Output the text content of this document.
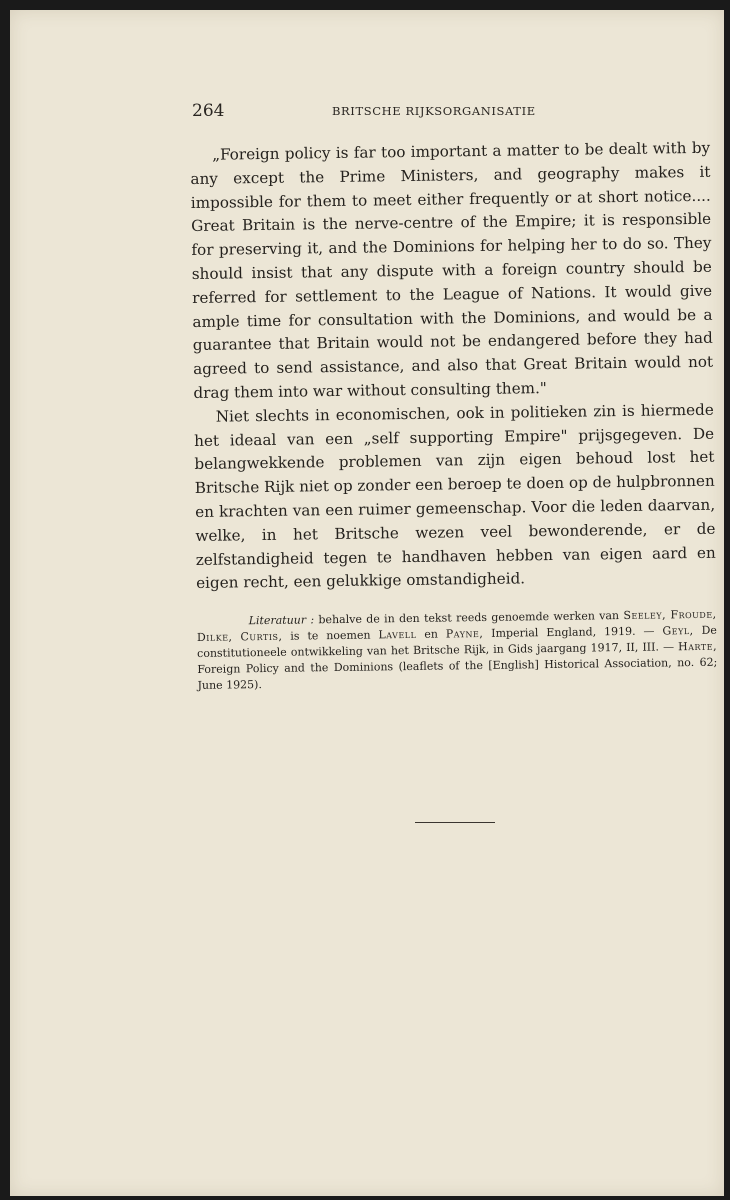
264	BRITSCHE RIJKSORGANISATIE

„Foreign policy is far too important a matter to be dealt with by any except the Prime Ministers, and geography makes it impossible for them to meet either frequently or at short notice.... Great Britain is the nerve-centre of the Empire; it is responsible for preserving it, and the Dominions for helping her to do so. They should insist that any dispute with a foreign country should be referred for settlement to the League of Nations. It would give ample time for consultation with the Dominions, and would be a guarantee that Britain would not be endangered before they had agreed to send assistance, and also that Great Britain would not drag them into war without consulting them."

Niet slechts in economischen, ook in politieken zin is hiermede het ideaal van een „self supporting Empire" prijsgegeven. De belangwekkende problemen van zijn eigen behoud lost het Britsche Rijk niet op zonder een beroep te doen op de hulpbronnen en krachten van een ruimer gemeenschap. Voor die leden daarvan, welke, in het Britsche wezen veel bewonderende, er de zelfstandigheid tegen te handhaven hebben van eigen aard en eigen recht, een gelukkige omstandigheid.

Literatuur : behalve de in den tekst reeds genoemde werken van Seeley, Froude, Dilke, Curtis, is te noemen Lavell en Payne, Imperial England, 1919. — Geyl, De constitutioneele ontwikkeling van het Britsche Rijk, in Gids jaargang 1917, II, III. — Harte, Foreign Policy and the Dominions (leaflets of the [English] Historical Association, no. 62; June 1925).
